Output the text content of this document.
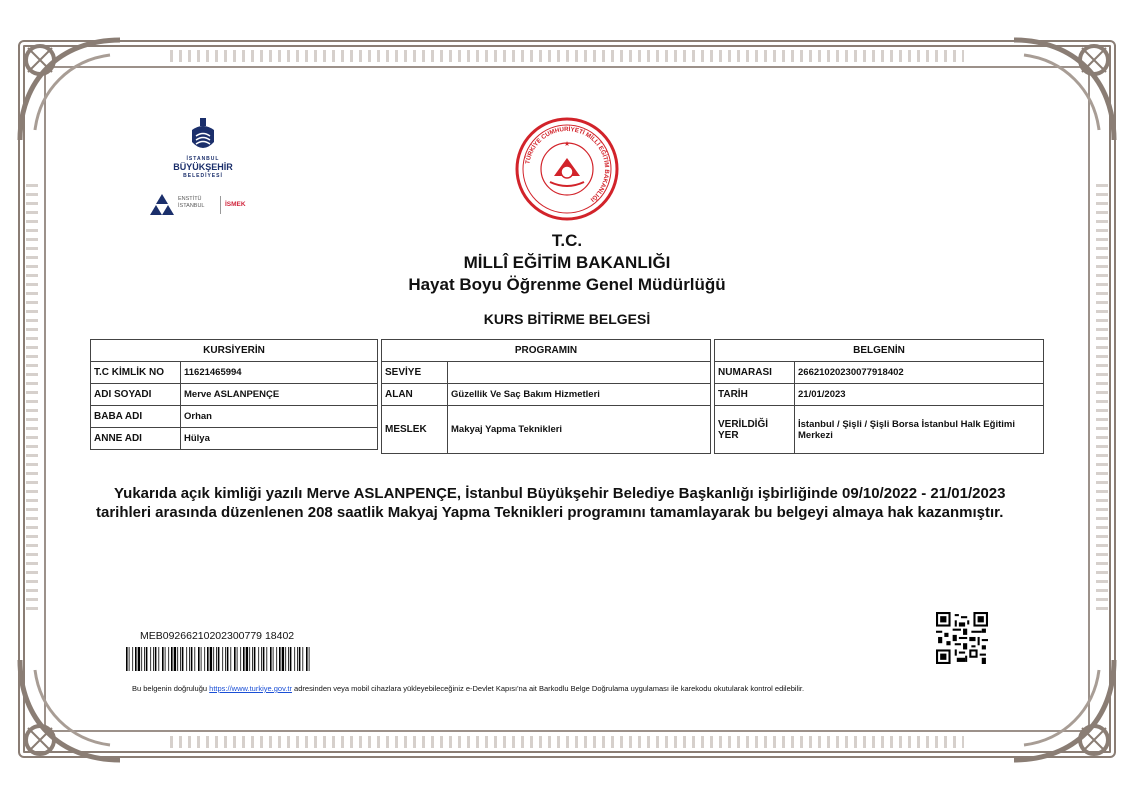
İSTANBUL
BÜYÜKŞEHİR
BELEDİYESİ
ENSTİTÜ
İSTANBUL	İSMEK
TÜRKİYE CUMHURİYETİ MİLLÎ EĞİTİM BAKANLIĞI
★
T.C.
MİLLÎ EĞİTİM BAKANLIĞI
Hayat Boyu Öğrenme Genel Müdürlüğü
KURS BİTİRME BELGESİ
KURSİYERİN	
T.C KİMLİK NO	11621465994
ADI SOYADI	Merve ASLANPENÇE
BABA ADI	Orhan
ANNE ADI	Hülya
PROGRAMIN	
SEVİYE	
ALAN	Güzellik Ve Saç Bakım Hizmetleri
MESLEK	Makyaj Yapma Teknikleri
BELGENİN	
NUMARASI	26621020230077918402
TARİH	21/01/2023
VERİLDİĞİ YER	İstanbul / Şişli / Şişli Borsa İstanbul Halk Eğitimi Merkezi

Yukarıda açık kimliği yazılı Merve ASLANPENÇE, İstanbul Büyükşehir Belediye Başkanlığı işbirliğinde 09/10/2022 - 21/01/2023 tarihleri arasında düzenlenen 208 saatlik Makyaj Yapma Teknikleri programını tamamlayarak bu belgeyi almaya hak kazanmıştır.

MEB09266210202300779 18402
Bu belgenin doğruluğu https://www.turkiye.gov.tr adresinden veya mobil cihazlara yükleyebileceğiniz e-Devlet Kapısı'na ait Barkodlu Belge Doğrulama uygulaması ile karekodu okutularak kontrol edilebilir.
